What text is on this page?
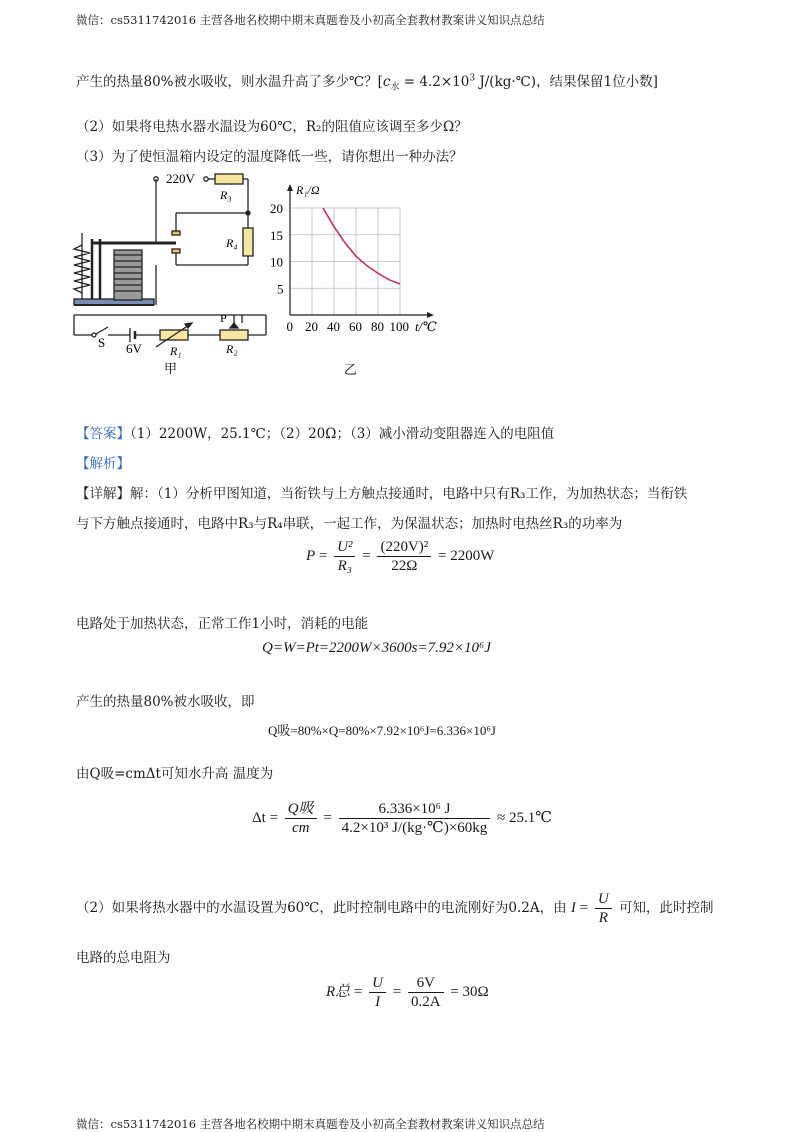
微信：cs5311742016 主营各地名校期中期末真题卷及小初高全套教材教案讲义知识点总结
产生的热量80%被水吸收，则水温升高了多少℃？[$c_水 = 4.2\times 10^3$ J/(kg·℃)，结果保留1位小数]
（2）如果将电热水器水温设为60℃，R₂的阻值应该调至多少Ω？
（3）为了使恒温箱内设定的温度降低一些，请你想出一种办法？
220V
R₃
R₄
S 6V R₁	R₂
P
甲
0 20 40 60 80 100
5
10
15
20
R₁/Ω
t/℃
乙
【答案】（1）2200W，25.1℃；（2）20Ω；（3）减小滑动变阻器连入的电阻值
【解析】
【详解】解：（1）分析甲图知道，当衔铁与上方触点接通时，电路中只有R₃工作，为加热状态；当衔铁
与下方触点接通时，电路中R₃与R₄串联，一起工作，为保温状态；加热时电热丝R₃的功率为
$P = \frac{\text{U²}}{\text{R₃}} = \frac{\text{(220V)²}}{22\Omega} = 2200W$
电路处于加热状态，正常工作1小时，消耗的电能
Q=W=Pt=2200W×3600s=7.92×10⁶J
产生的热量80%被水吸收，即
Q吸=80%×Q=80%×7.92×10⁶J=6.336×10⁶J
由Q吸=cmΔt可知水升高 温度为
$\Delta t = \frac{\text{Q吸}}{cm} = \frac{\text{6.336×10⁶ J}}{\text{4.2×10³ J/(kg·℃)×60kg}}$ ≈ 25.1℃
（2）如果将热水器中的水温设置为60℃，此时控制电路中的电流刚好为0.2A，由 $I = \frac{U}{R}$ 可知，此时控制
电路的总电阻为
R总 = $\frac{U}{I} = \frac{6V}{0.2A} = 30\Omega$
微信：cs5311742016 主营各地名校期中期末真题卷及小初高全套教材教案讲义知识点总结
